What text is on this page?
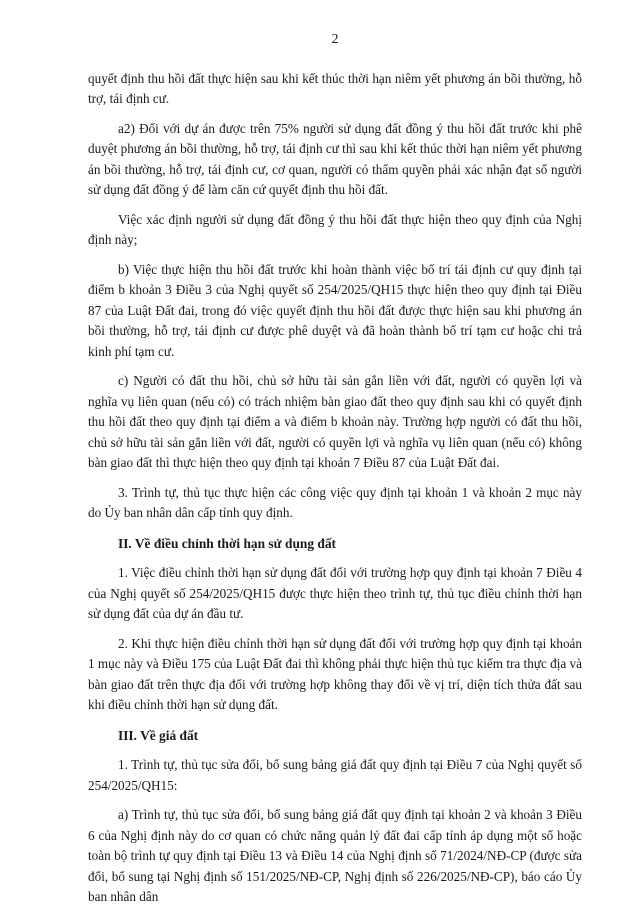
2

quyết định thu hồi đất thực hiện sau khi kết thúc thời hạn niêm yết phương án bồi thường, hỗ trợ, tái định cư.

a2) Đối với dự án được trên 75% người sử dụng đất đồng ý thu hồi đất trước khi phê duyệt phương án bồi thường, hỗ trợ, tái định cư thì sau khi kết thúc thời hạn niêm yết phương án bồi thường, hỗ trợ, tái định cư, cơ quan, người có thẩm quyền phải xác nhận đạt số người sử dụng đất đồng ý để làm căn cứ quyết định thu hồi đất.

Việc xác định người sử dụng đất đồng ý thu hồi đất thực hiện theo quy định của Nghị định này;

b) Việc thực hiện thu hồi đất trước khi hoàn thành việc bố trí tái định cư quy định tại điểm b khoản 3 Điều 3 của Nghị quyết số 254/2025/QH15 thực hiện theo quy định tại Điều 87 của Luật Đất đai, trong đó việc quyết định thu hồi đất được thực hiện sau khi phương án bồi thường, hỗ trợ, tái định cư được phê duyệt và đã hoàn thành bố trí tạm cư hoặc chi trả kinh phí tạm cư.

c) Người có đất thu hồi, chủ sở hữu tài sản gắn liền với đất, người có quyền lợi và nghĩa vụ liên quan (nếu có) có trách nhiệm bàn giao đất theo quy định sau khi có quyết định thu hồi đất theo quy định tại điểm a và điểm b khoản này. Trường hợp người có đất thu hồi, chủ sở hữu tài sản gắn liền với đất, người có quyền lợi và nghĩa vụ liên quan (nếu có) không bàn giao đất thì thực hiện theo quy định tại khoản 7 Điều 87 của Luật Đất đai.

3. Trình tự, thủ tục thực hiện các công việc quy định tại khoản 1 và khoản 2 mục này do Ủy ban nhân dân cấp tỉnh quy định.

II. Về điều chỉnh thời hạn sử dụng đất

1. Việc điều chỉnh thời hạn sử dụng đất đối với trường hợp quy định tại khoản 7 Điều 4 của Nghị quyết số 254/2025/QH15 được thực hiện theo trình tự, thủ tục điều chỉnh thời hạn sử dụng đất của dự án đầu tư.

2. Khi thực hiện điều chỉnh thời hạn sử dụng đất đối với trường hợp quy định tại khoản 1 mục này và Điều 175 của Luật Đất đai thì không phải thực hiện thủ tục kiểm tra thực địa và bàn giao đất trên thực địa đối với trường hợp không thay đổi về vị trí, diện tích thửa đất sau khi điều chỉnh thời hạn sử dụng đất.

III. Về giá đất

1. Trình tự, thủ tục sửa đổi, bổ sung bảng giá đất quy định tại Điều 7 của Nghị quyết số 254/2025/QH15:

a) Trình tự, thủ tục sửa đổi, bổ sung bảng giá đất quy định tại khoản 2 và khoản 3 Điều 6 của Nghị định này do cơ quan có chức năng quản lý đất đai cấp tỉnh áp dụng một số hoặc toàn bộ trình tự quy định tại Điều 13 và Điều 14 của Nghị định số 71/2024/NĐ-CP (được sửa đổi, bổ sung tại Nghị định số 151/2025/NĐ-CP, Nghị định số 226/2025/NĐ-CP), báo cáo Ủy ban nhân dân
